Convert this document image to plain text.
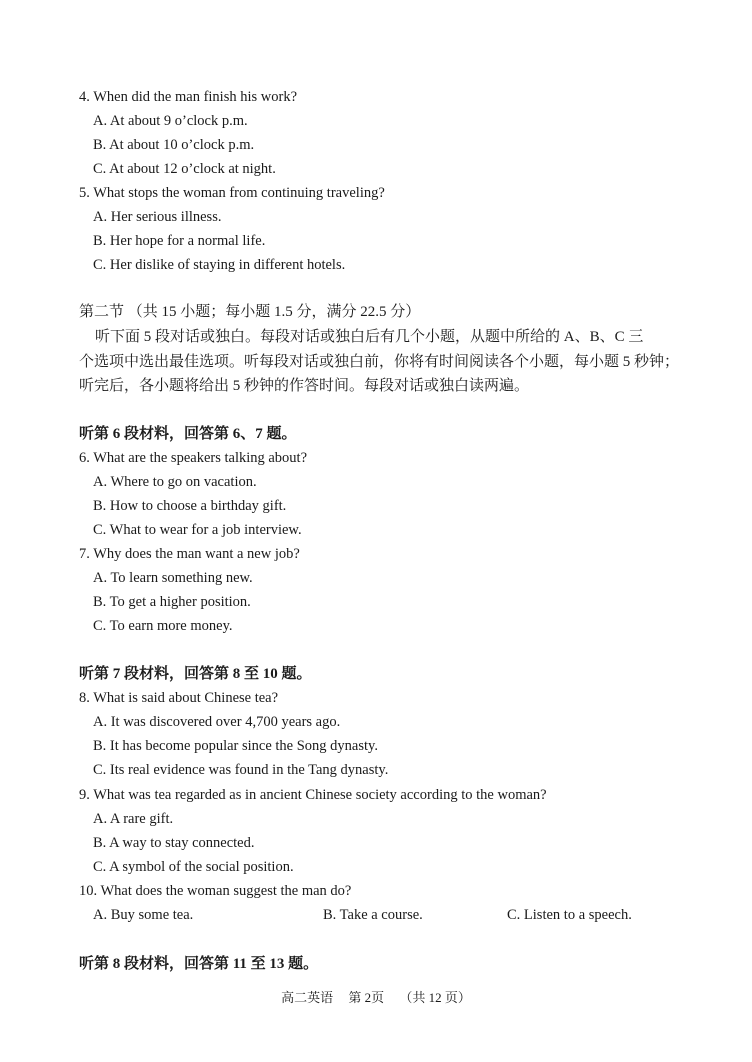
4. When did the man finish his work?
A. At about 9 o’clock p.m.
B. At about 10 o’clock p.m.
C. At about 12 o’clock at night.
5. What stops the woman from continuing traveling?
A. Her serious illness.
B. Her hope for a normal life.
C. Her dislike of staying in different hotels.
第二节 （共 15 小题；每小题 1.5 分，满分 22.5 分）
听下面 5 段对话或独白。每段对话或独白后有几个小题，从题中所给的 A、B、C 三
个选项中选出最佳选项。听每段对话或独白前，你将有时间阅读各个小题，每小题 5 秒钟；
听完后，各小题将给出 5 秒钟的作答时间。每段对话或独白读两遍。
听第 6 段材料，回答第 6、7 题。
6. What are the speakers talking about?
A. Where to go on vacation.
B. How to choose a birthday gift.
C. What to wear for a job interview.
7. Why does the man want a new job?
A. To learn something new.
B. To get a higher position.
C. To earn more money.
听第 7 段材料，回答第 8 至 10 题。
8. What is said about Chinese tea?
A. It was discovered over 4,700 years ago.
B. It has become popular since the Song dynasty.
C. Its real evidence was found in the Tang dynasty.
9. What was tea regarded as in ancient Chinese society according to the woman?
A. A rare gift.
B. A way to stay connected.
C. A symbol of the social position.
10. What does the woman suggest the man do?
A. Buy some tea.	B. Take a course.	C. Listen to a speech.
听第 8 段材料，回答第 11 至 13 题。
高二英语 第 2页 （共 12 页）
